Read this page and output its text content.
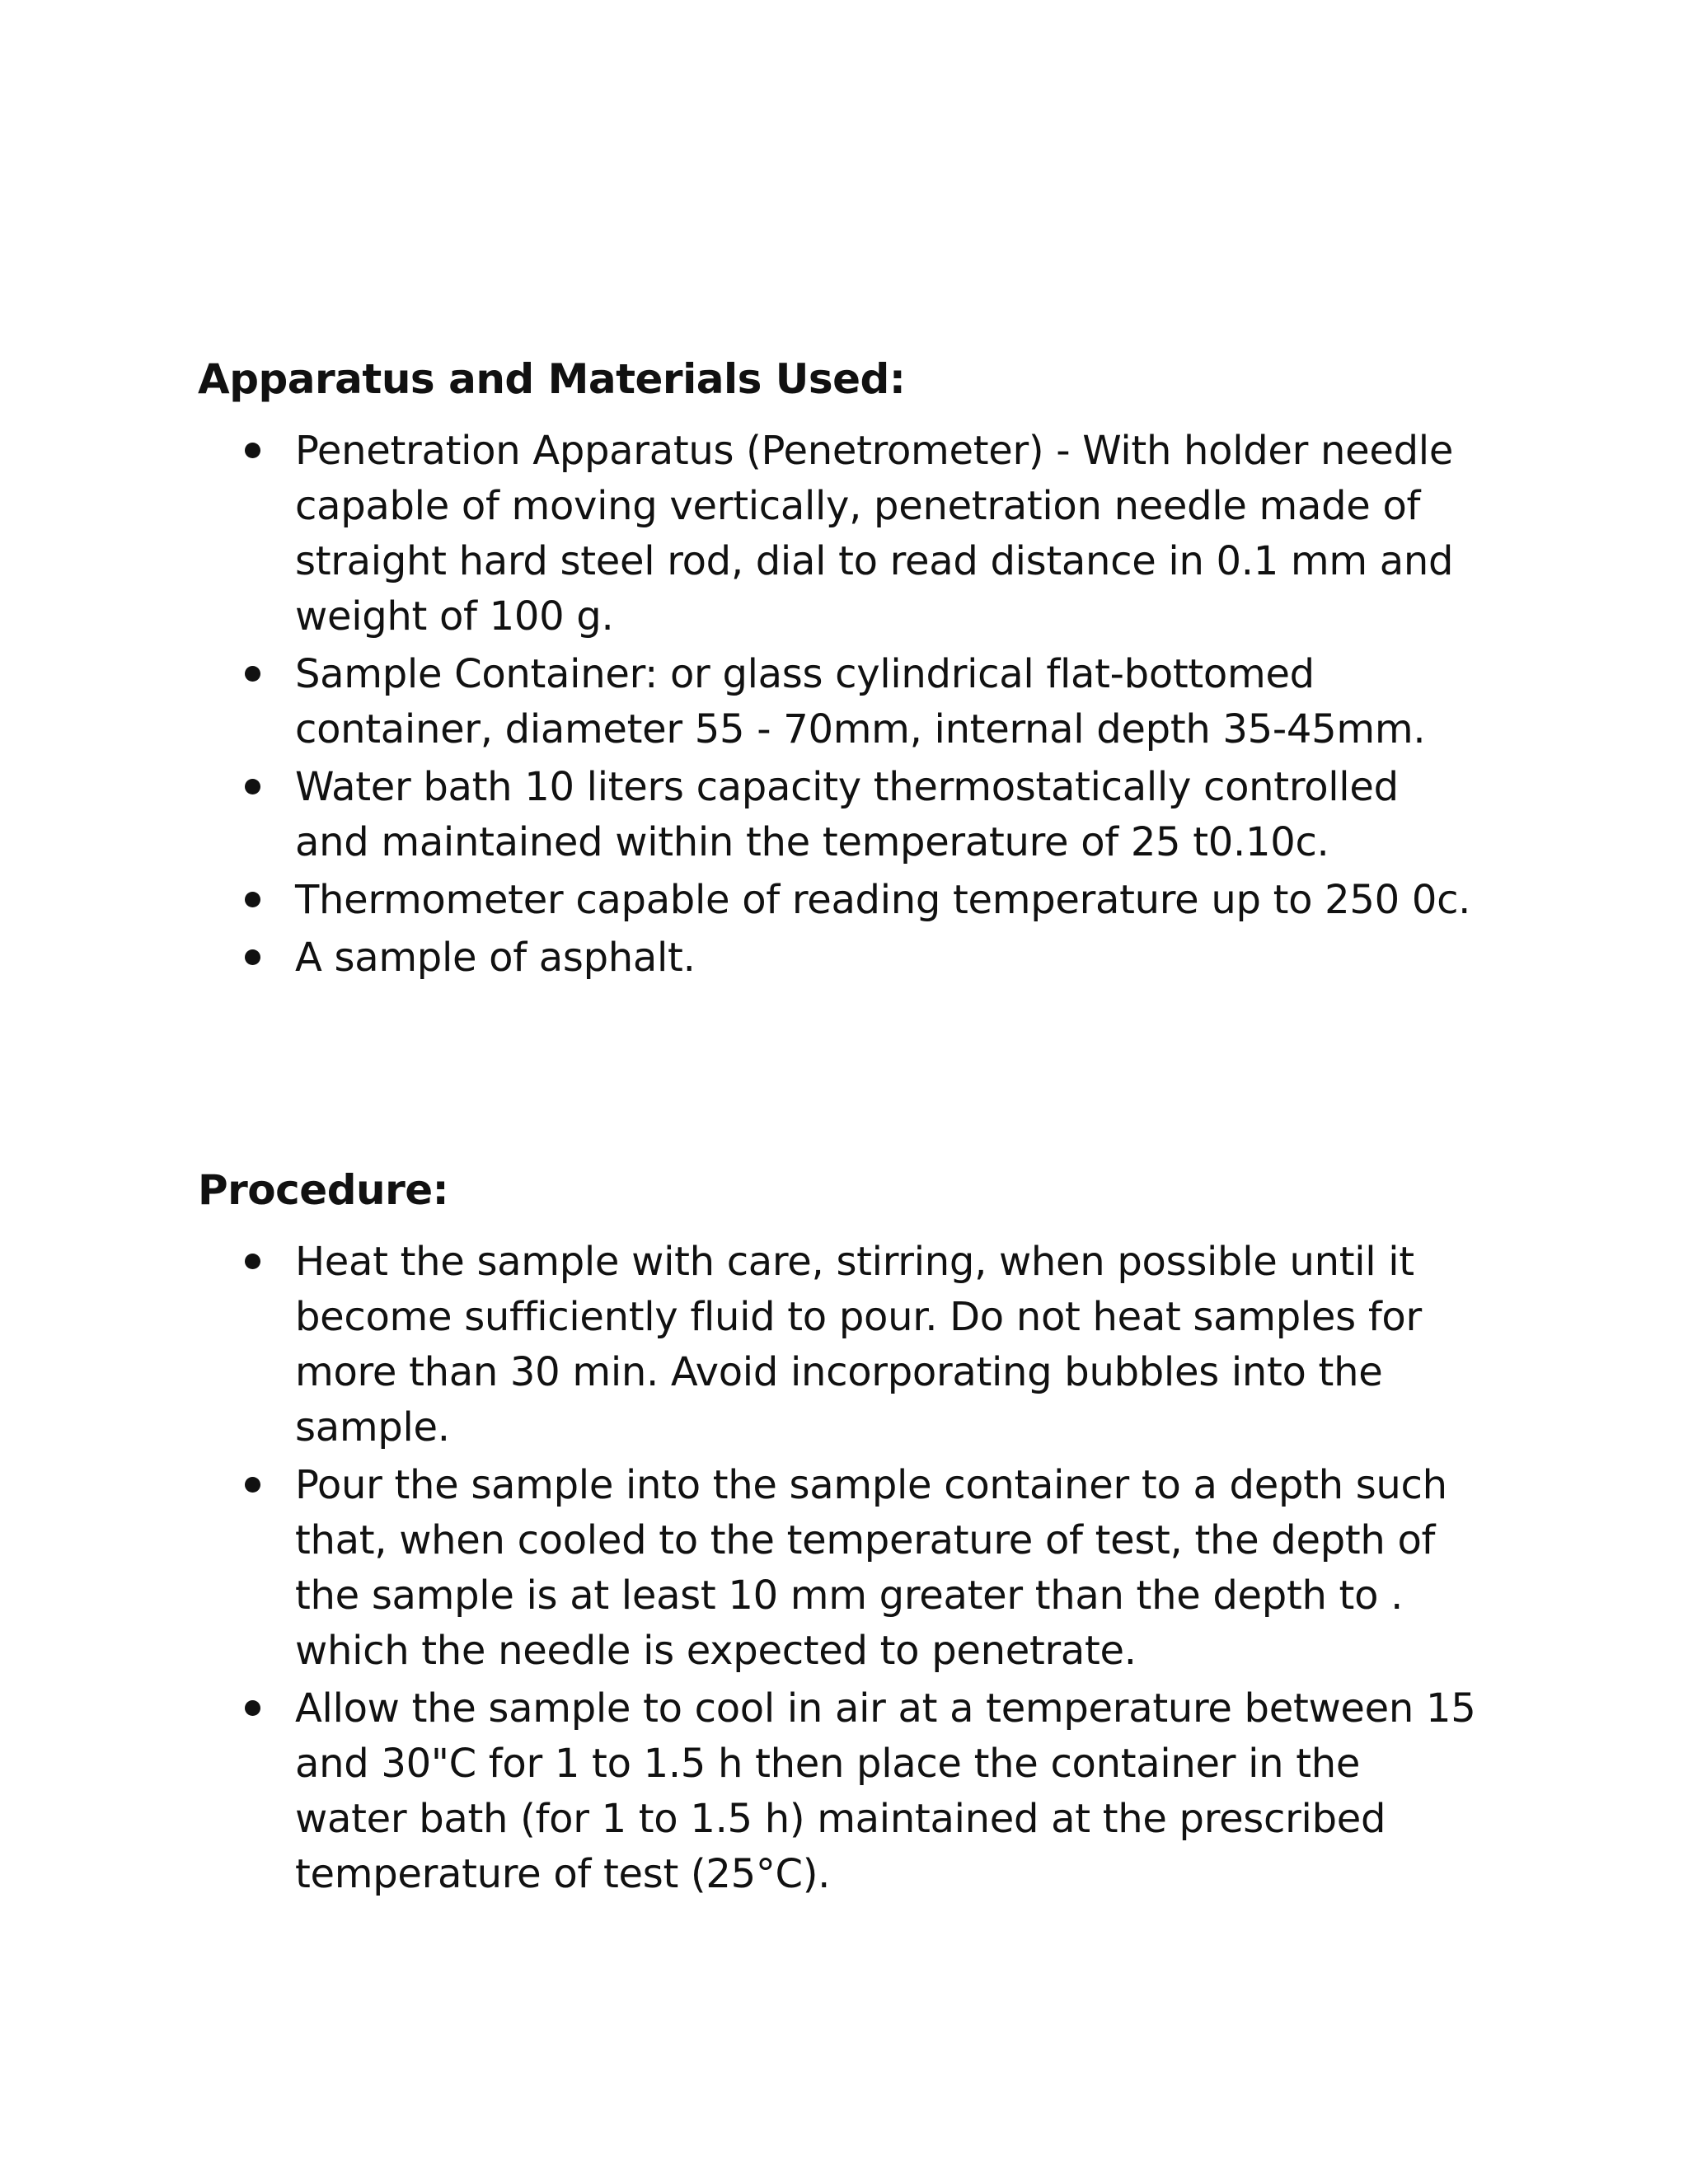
Apparatus and Materials Used:
Penetration Apparatus (Penetrometer) - With holder needle capable of moving vertically, penetration needle made of straight hard steel rod, dial to read distance in 0.1 mm and weight of 100 g.
Sample Container: or glass cylindrical flat-bottomed container, diameter 55 - 70mm, internal depth 35-45mm.
Water bath 10 liters capacity thermostatically controlled and maintained within the temperature of 25 t0.10c.
Thermometer capable of reading temperature up to 250 0c.
A sample of asphalt.
Procedure:
Heat the sample with care, stirring, when possible until it become sufficiently fluid to pour. Do not heat samples for more than 30 min. Avoid incorporating bubbles into the sample.
Pour the sample into the sample container to a depth such that, when cooled to the temperature of test, the depth of the sample is at least 10 mm greater than the depth to . which the needle is expected to penetrate.
Allow the sample to cool in air at a temperature between 15 and 30"C for 1 to 1.5 h then place the container in the water bath (for 1 to 1.5 h) maintained at the prescribed temperature of test (25°C).
